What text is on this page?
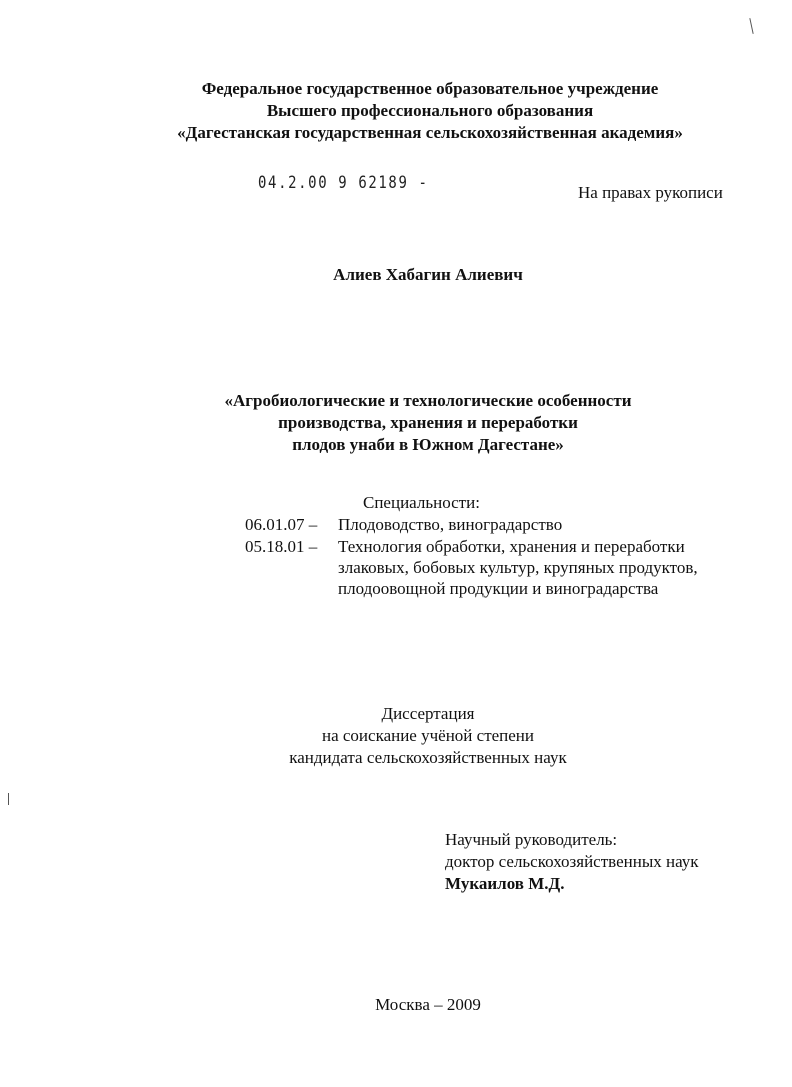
Федеральное государственное образовательное учреждение
Высшего профессионального образования
«Дагестанская государственная сельскохозяйственная академия»
04.2.00 9 62189 -	На правах рукописи
Алиев Хабагин Алиевич
«Агробиологические и технологические особенности
производства, хранения и переработки
плодов унаби в Южном Дагестане»
Специальности:
06.01.07 – Плодоводство, виноградарство
05.18.01 – Технология обработки, хранения и переработки
злаковых, бобовых культур, крупяных продуктов,
плодоовощной продукции и виноградарства
Диссертация
на соискание учёной степени
кандидата сельскохозяйственных наук
Научный руководитель:
доктор сельскохозяйственных наук
Мукаилов М.Д.
Москва – 2009
